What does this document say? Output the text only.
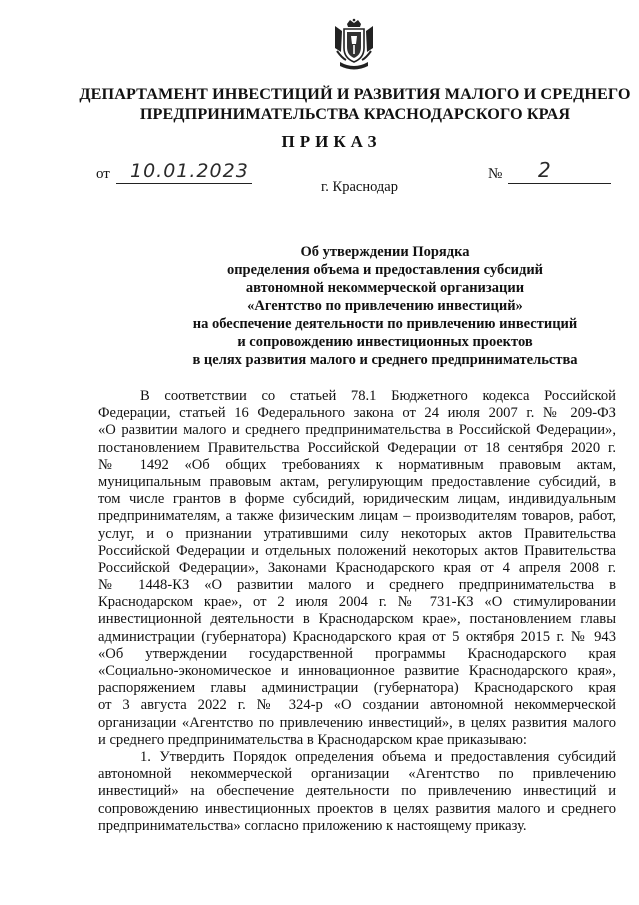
ДЕПАРТАМЕНТ ИНВЕСТИЦИЙ И РАЗВИТИЯ МАЛОГО И СРЕДНЕГО
ПРЕДПРИНИМАТЕЛЬСТВА КРАСНОДАРСКОГО КРАЯ
ПРИКАЗ
от 10.01.2023	№ 2
г. Краснодар
Об утверждении Порядка
определения объема и предоставления субсидий
автономной некоммерческой организации
«Агентство по привлечению инвестиций»
на обеспечение деятельности по привлечению инвестиций
и сопровождению инвестиционных проектов
в целях развития малого и среднего предпринимательства
В соответствии со статьей 78.1 Бюджетного кодекса Российской
Федерации, статьей 16 Федерального закона от 24 июля 2007 г. № 209-ФЗ
«О развитии малого и среднего предпринимательства в Российской Федерации»,
постановлением Правительства Российской Федерации от 18 сентября 2020 г.
№ 1492 «Об общих требованиях к нормативным правовым актам,
муниципальным правовым актам, регулирующим предоставление субсидий, в
том числе грантов в форме субсидий, юридическим лицам, индивидуальным
предпринимателям, а также физическим лицам – производителям товаров, работ,
услуг, и о признании утратившими силу некоторых актов Правительства
Российской Федерации и отдельных положений некоторых актов Правительства
Российской Федерации», Законами Краснодарского края от 4 апреля 2008 г.
№ 1448-КЗ «О развитии малого и среднего предпринимательства в
Краснодарском крае», от 2 июля 2004 г. № 731-КЗ «О стимулировании
инвестиционной деятельности в Краснодарском крае», постановлением главы
администрации (губернатора) Краснодарского края от 5 октября 2015 г. № 943
«Об утверждении государственной программы Краснодарского края
«Социально-экономическое и инновационное развитие Краснодарского края»,
распоряжением главы администрации (губернатора) Краснодарского края
от 3 августа 2022 г. № 324-р «О создании автономной некоммерческой
организации «Агентство по привлечению инвестиций», в целях развития малого
и среднего предпринимательства в Краснодарском крае приказываю:
1. Утвердить Порядок определения объема и предоставления субсидий
автономной некоммерческой организации «Агентство по привлечению
инвестиций» на обеспечение деятельности по привлечению инвестиций и
сопровождению инвестиционных проектов в целях развития малого и среднего
предпринимательства» согласно приложению к настоящему приказу.
